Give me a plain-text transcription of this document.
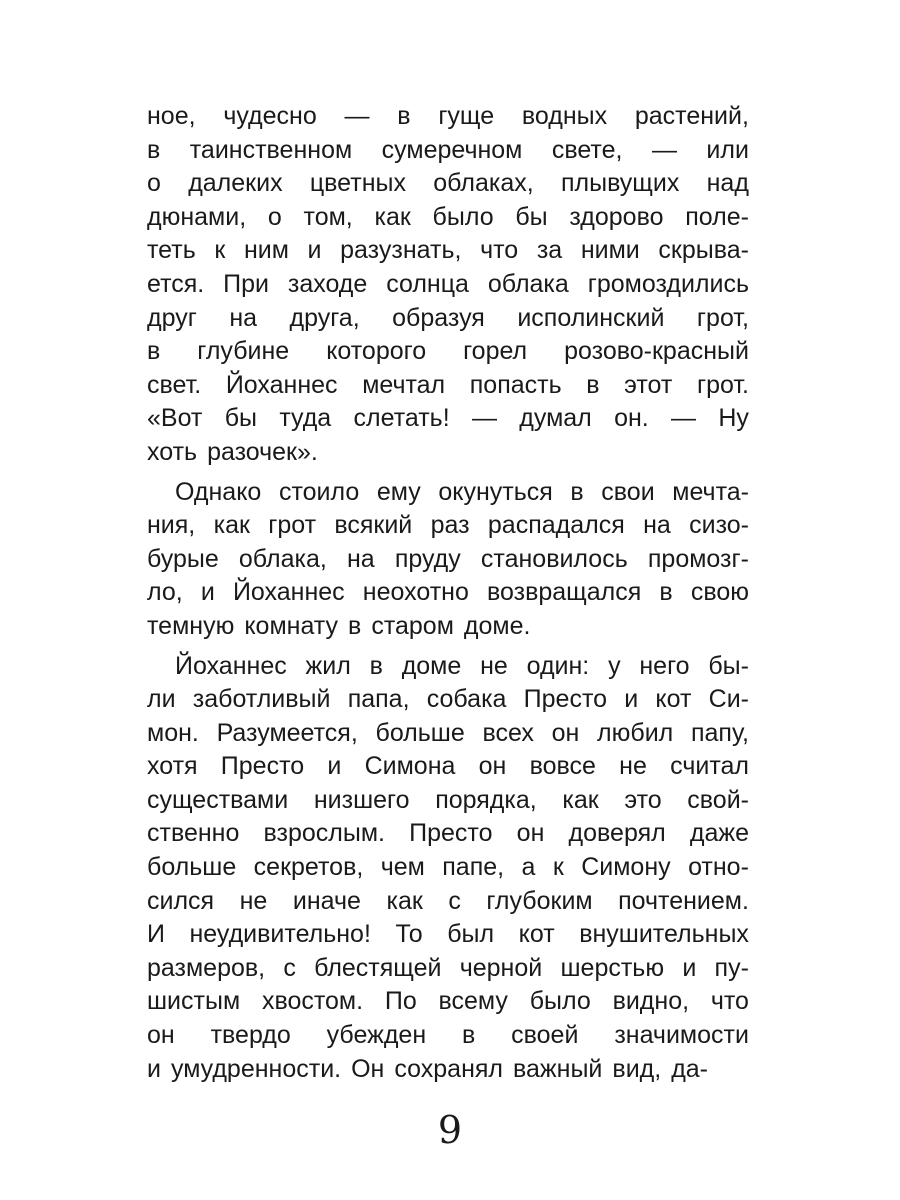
ное, чудесно — в гуще водных растений,
в таинственном сумеречном свете, — или
о далеких цветных облаках, плывущих над
дюнами, о том, как было бы здорово поле-
теть к ним и разузнать, что за ними скрыва-
ется. При заходе солнца облака громоздились
друг на друга, образуя исполинский грот,
в глубине которого горел розово-красный
свет. Йоханнес мечтал попасть в этот грот.
«Вот бы туда слетать! — думал он. — Ну
хоть разочек».
Однако стоило ему окунуться в свои мечта-
ния, как грот всякий раз распадался на сизо-
бурые облака, на пруду становилось промозг-
ло, и Йоханнес неохотно возвращался в свою
темную комнату в старом доме.
Йоханнес жил в доме не один: у него бы-
ли заботливый папа, собака Престо и кот Си-
мон. Разумеется, больше всех он любил папу,
хотя Престо и Симона он вовсе не считал
существами низшего порядка, как это свой-
ственно взрослым. Престо он доверял даже
больше секретов, чем папе, а к Симону отно-
сился не иначе как с глубоким почтением.
И неудивительно! То был кот внушительных
размеров, с блестящей черной шерстью и пу-
шистым хвостом. По всему было видно, что
он твердо убежден в своей значимости
и умудренности. Он сохранял важный вид, да-
9
